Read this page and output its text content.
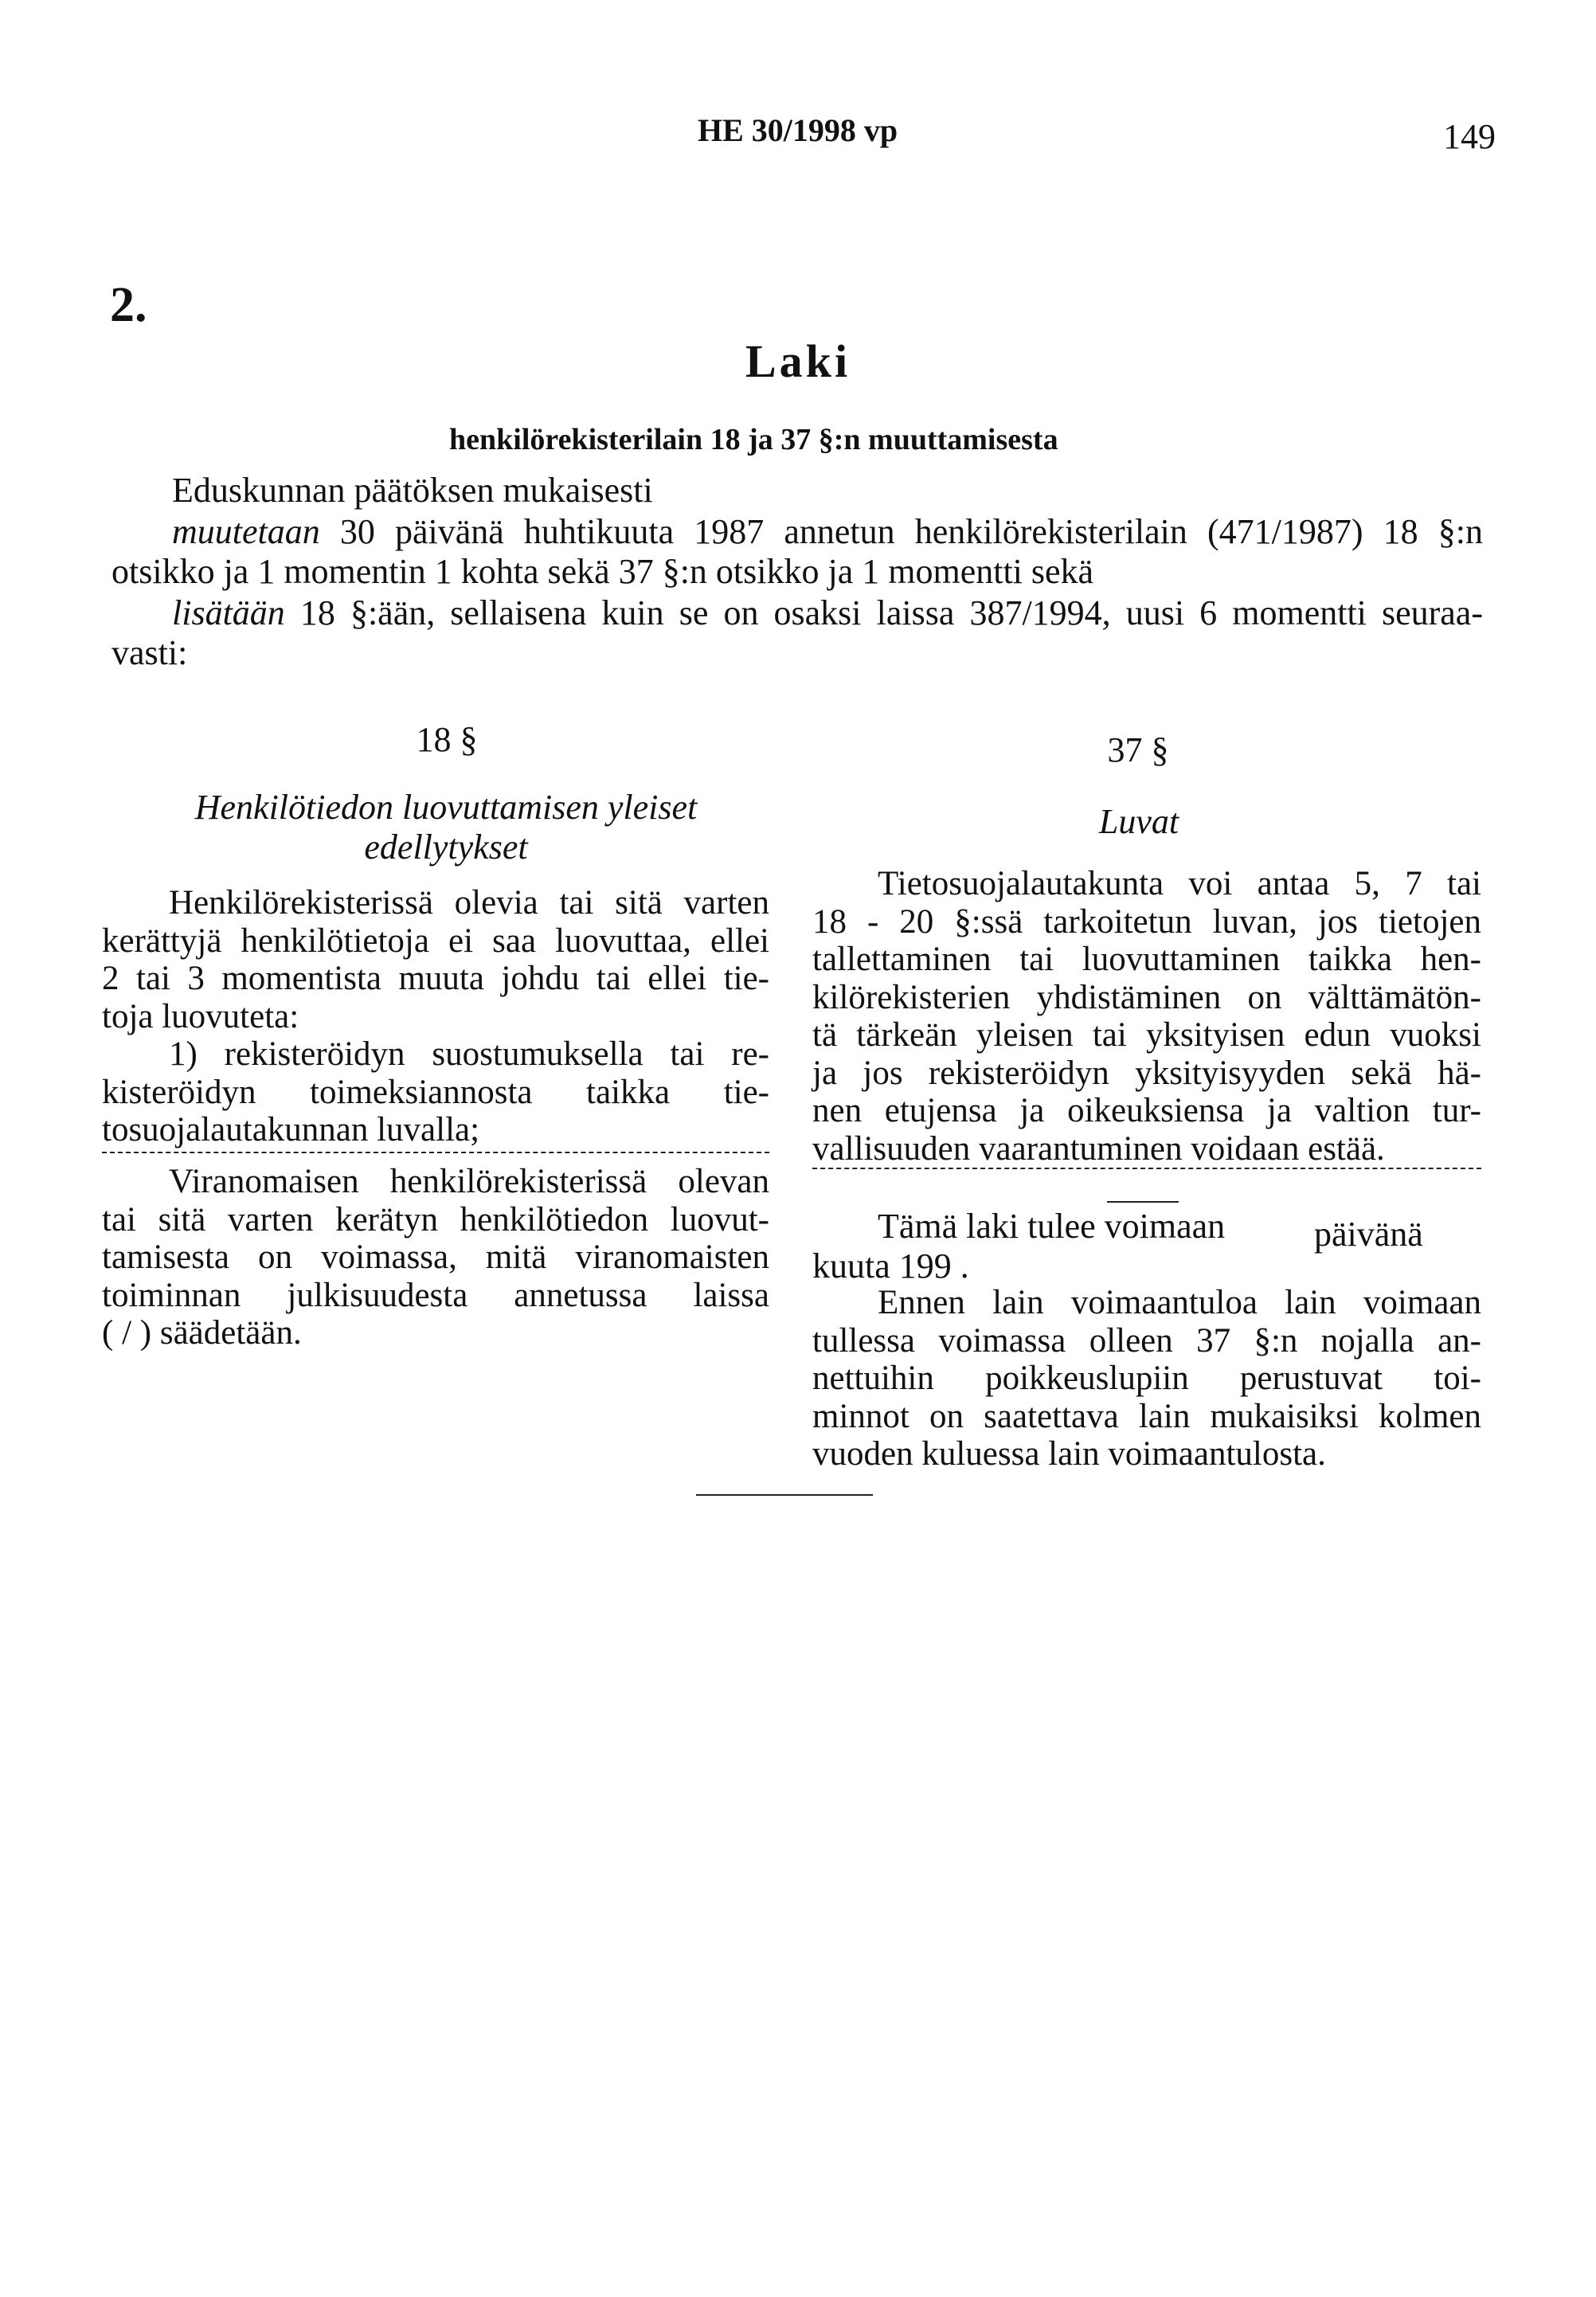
HE 30/1998 vp	149
2.
Laki
henkilörekisterilain 18 ja 37 §:n muuttamisesta
Eduskunnan päätöksen mukaisesti
muutetaan 30 päivänä huhtikuuta 1987 annetun henkilörekisterilain (471/1987) 18 §:n
otsikko ja 1 momentin 1 kohta sekä 37 §:n otsikko ja 1 momentti sekä
lisätään 18 §:ään, sellaisena kuin se on osaksi laissa 387/1994, uusi 6 momentti seuraa-
vasti:
18 §
Henkilötiedon luovuttamisen yleiset
edellytykset
Henkilörekisterissä olevia tai sitä varten
kerättyjä henkilötietoja ei saa luovuttaa, ellei
2 tai 3 momentista muuta johdu tai ellei tie-
toja luovuteta:
1) rekisteröidyn suostumuksella tai re-
kisteröidyn toimeksiannosta taikka tie-
tosuojalautakunnan luvalla;
Viranomaisen henkilörekisterissä olevan
tai sitä varten kerätyn henkilötiedon luovut-
tamisesta on voimassa, mitä viranomaisten
toiminnan julkisuudesta annetussa laissa
( / ) säädetään.
37 §
Luvat
Tietosuojalautakunta voi antaa 5, 7 tai
18 - 20 §:ssä tarkoitetun luvan, jos tietojen
tallettaminen tai luovuttaminen taikka hen-
kilörekisterien yhdistäminen on välttämätön-
tä tärkeän yleisen tai yksityisen edun vuoksi
ja jos rekisteröidyn yksityisyyden sekä hä-
nen etujensa ja oikeuksiensa ja valtion tur-
vallisuuden vaarantuminen voidaan estää.
Tämä laki tulee voimaan	päivänä
kuuta 199 .
Ennen lain voimaantuloa lain voimaan
tullessa voimassa olleen 37 §:n nojalla an-
nettuihin poikkeuslupiin perustuvat toi-
minnot on saatettava lain mukaisiksi kolmen
vuoden kuluessa lain voimaantulosta.
